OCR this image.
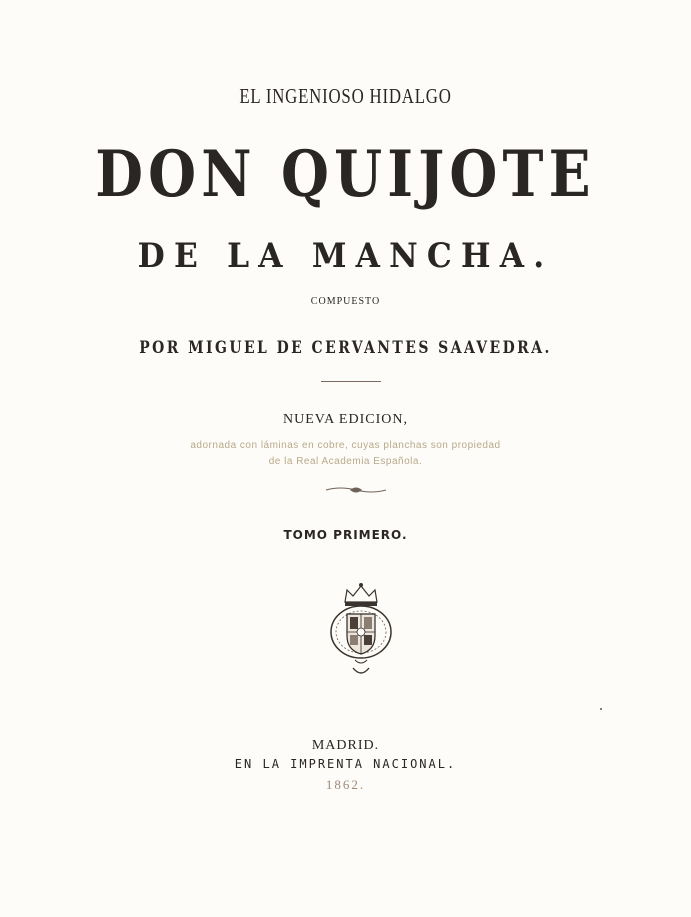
EL INGENIOSO HIDALGO

DON QUIJOTE

DE LA MANCHA.

COMPUESTO

POR MIGUEL DE CERVANTES SAAVEDRA.

NUEVA EDICION,

adornada con láminas en cobre, cuyas planchas son propiedad

de la Real Academia Española.

TOMO PRIMERO.

MADRID.

EN LA IMPRENTA NACIONAL.

1862.
